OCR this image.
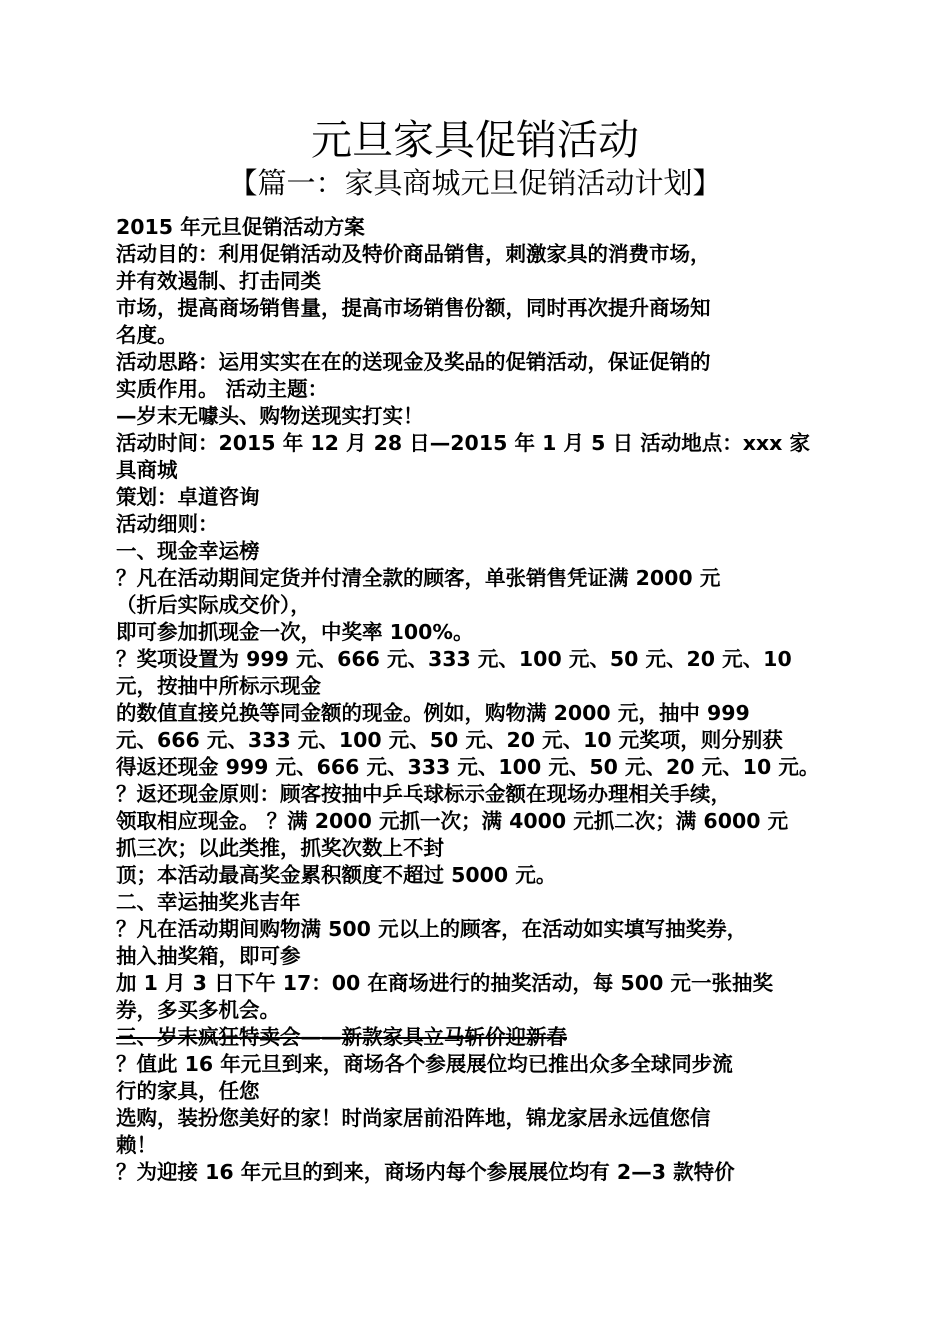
元旦家具促销活动
【篇一：家具商城元旦促销活动计划】
2015 年元旦促销活动方案
活动目的：利用促销活动及特价商品销售，刺激家具的消费市场，
并有效遏制、打击同类
市场，提高商场销售量，提高市场销售份额，同时再次提升商场知
名度。
活动思路：运用实实在在的送现金及奖品的促销活动，保证促销的
实质作用。 活动主题：
—岁末无噱头、购物送现实打实！
活动时间：2015 年 12 月 28 日—2015 年 1 月 5 日 活动地点：xxx 家
具商城
策划：卓道咨询
活动细则：
一、现金幸运榜
？凡在活动期间定货并付清全款的顾客，单张销售凭证满 2000 元
（折后实际成交价），
即可参加抓现金一次，中奖率 100%。
？奖项设置为 999 元、666 元、333 元、100 元、50 元、20 元、10
元，按抽中所标示现金
的数值直接兑换等同金额的现金。例如，购物满 2000 元，抽中 999
元、666 元、333 元、100 元、50 元、20 元、10 元奖项，则分别获
得返还现金 999 元、666 元、333 元、100 元、50 元、20 元、10 元。
？返还现金原则：顾客按抽中乒乓球标示金额在现场办理相关手续，
领取相应现金。 ？满 2000 元抓一次；满 4000 元抓二次；满 6000 元
抓三次；以此类推，抓奖次数上不封
顶；本活动最高奖金累积额度不超过 5000 元。
二、幸运抽奖兆吉年
？凡在活动期间购物满 500 元以上的顾客，在活动如实填写抽奖券，
抽入抽奖箱，即可参
加 1 月 3 日下午 17：00 在商场进行的抽奖活动，每 500 元一张抽奖
券，多买多机会。
三、岁末疯狂特卖会——新款家具立马斩价迎新春
？值此 16 年元旦到来，商场各个参展展位均已推出众多全球同步流
行的家具，任您
选购，装扮您美好的家！时尚家居前沿阵地，锦龙家居永远值您信
赖！
？为迎接 16 年元旦的到来，商场内每个参展展位均有 2—3 款特价
